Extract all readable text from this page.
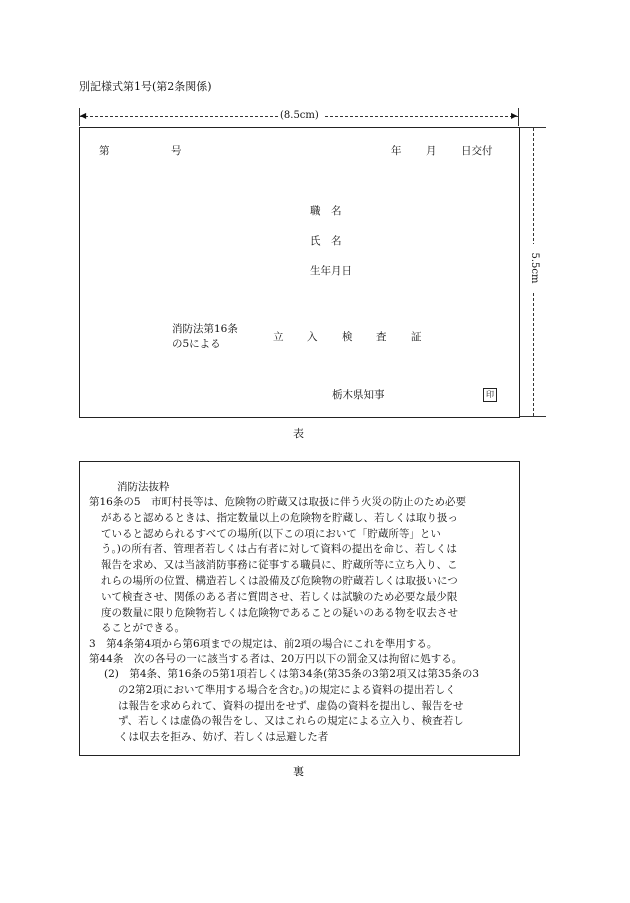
別記様式第1号(第2条関係)
◀	▶
(8.5cm)
5.5cm
第	号	年 月 日交付
職　名
氏　名
生年月日
消防法第16条
の5による
立 入 検 査 証
栃木県知事	印
表
消防法抜粋

第16条の5　市町村長等は、危険物の貯蔵又は取扱に伴う火災の防止のため必要

があると認めるときは、指定数量以上の危険物を貯蔵し、若しくは取り扱っ

ていると認められるすべての場所(以下この項において「貯蔵所等」とい

う。)の所有者、管理者若しくは占有者に対して資料の提出を命じ、若しくは

報告を求め、又は当該消防事務に従事する職員に、貯蔵所等に立ち入り、こ

れらの場所の位置、構造若しくは設備及び危険物の貯蔵若しくは取扱いにつ

いて検査させ、関係のある者に質問させ、若しくは試験のため必要な最少限

度の数量に限り危険物若しくは危険物であることの疑いのある物を収去させ

ることができる。

3　第4条第4項から第6項までの規定は、前2項の場合にこれを準用する。
第44条　次の各号の一に該当する者は、20万円以下の罰金又は拘留に処する。

(2)　第4条、第16条の5第1項若しくは第34条(第35条の3第2項又は第35条の3

の2第2項において準用する場合を含む。)の規定による資料の提出若しく

は報告を求められて、資料の提出をせず、虚偽の資料を提出し、報告をせ

ず、若しくは虚偽の報告をし、又はこれらの規定による立入り、検査若し

くは収去を拒み、妨げ、若しくは忌避した者

裏
